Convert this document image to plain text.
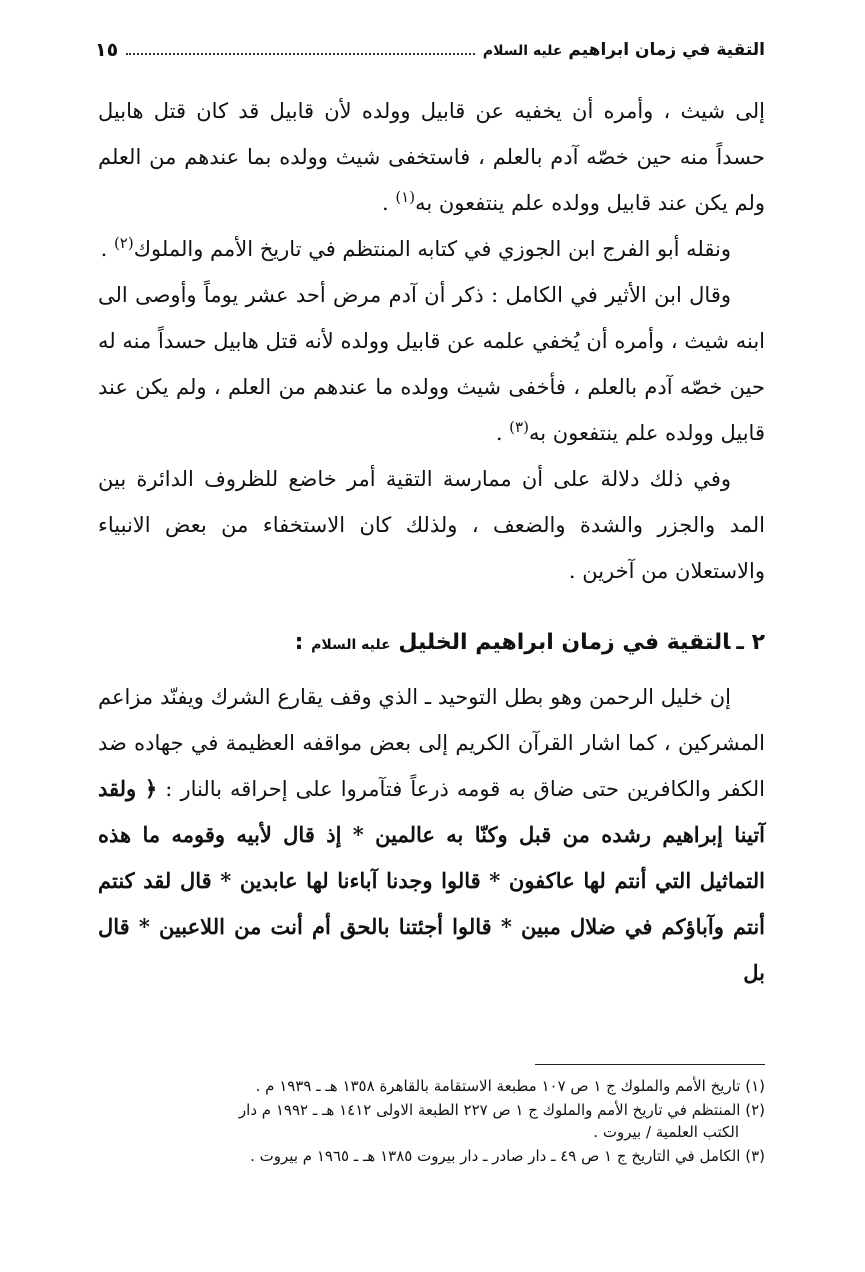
التقية في زمان ابراهيم عليه السلام
١٥

إلى شيث ، وأمره أن يخفيه عن قابيل وولده لأن قابيل قد كان قتل هابيل حسداً منه حين خصّه آدم بالعلم ، فاستخفى شيث وولده بما عندهم من العلم ولم يكن عند قابيل وولده علم ينتفعون به$^{(١)}$ .

ونقله أبو الفرج ابن الجوزي في كتابه المنتظم في تاريخ الأمم والملوك$^{(٢)}$ .

وقال ابن الأثير في الكامل : ذكر أن آدم مرض أحد عشر يوماً وأوصى الى ابنه شيث ، وأمره أن يُخفي علمه عن قابيل وولده لأنه قتل هابيل حسداً منه له حين خصّه آدم بالعلم ، فأخفى شيث وولده ما عندهم من العلم ، ولم يكن عند قابيل وولده علم ينتفعون به$^{(٣)}$ .

وفي ذلك دلالة على أن ممارسة التقية أمر خاضع للظروف الدائرة بين المد والجزر والشدة والضعف ، ولذلك كان الاستخفاء من بعض الانبياء والاستعلان من آخرين .

٢ ـالتقية في زمان ابراهيم الخليل عليه السلام :

إن خليل الرحمن وهو بطل التوحيد ـ الذي وقف يقارع الشرك ويفنّد مزاعم المشركين ، كما اشار القرآن الكريم إلى بعض مواقفه العظيمة في جهاده ضد الكفر والكافرين حتى ضاق به قومه ذرعاً فتآمروا على إحراقه بالنار : ﴿ ولقد آتينا إبراهيم رشده من قبل وكنّا به عالمين * إذ قال لأبيه وقومه ما هذه التماثيل التي أنتم لها عاكفون * قالوا وجدنا آباءنا لها عابدين * قال لقد كنتم أنتم وآباؤكم في ضلال مبين * قالوا أجئتنا بالحق أم أنت من اللاعبين * قال بل

(١) تاريخ الأمم والملوك ج ١ ص ١٠٧ مطبعة الاستقامة بالقاهرة ١٣٥٨ هـ ـ ١٩٣٩ م .

(٢) المنتظم في تاريخ الأمم والملوك ج ١ ص ٢٢٧ الطبعة الاولى ١٤١٢ هـ ـ ١٩٩٢ م دار
الكتب العلمية / بيروت .

(٣) الكامل في التاريخ ج ١ ص ٤٩ ـ دار صادر ـ دار بيروت ١٣٨٥ هـ ـ ١٩٦٥ م بيروت .
